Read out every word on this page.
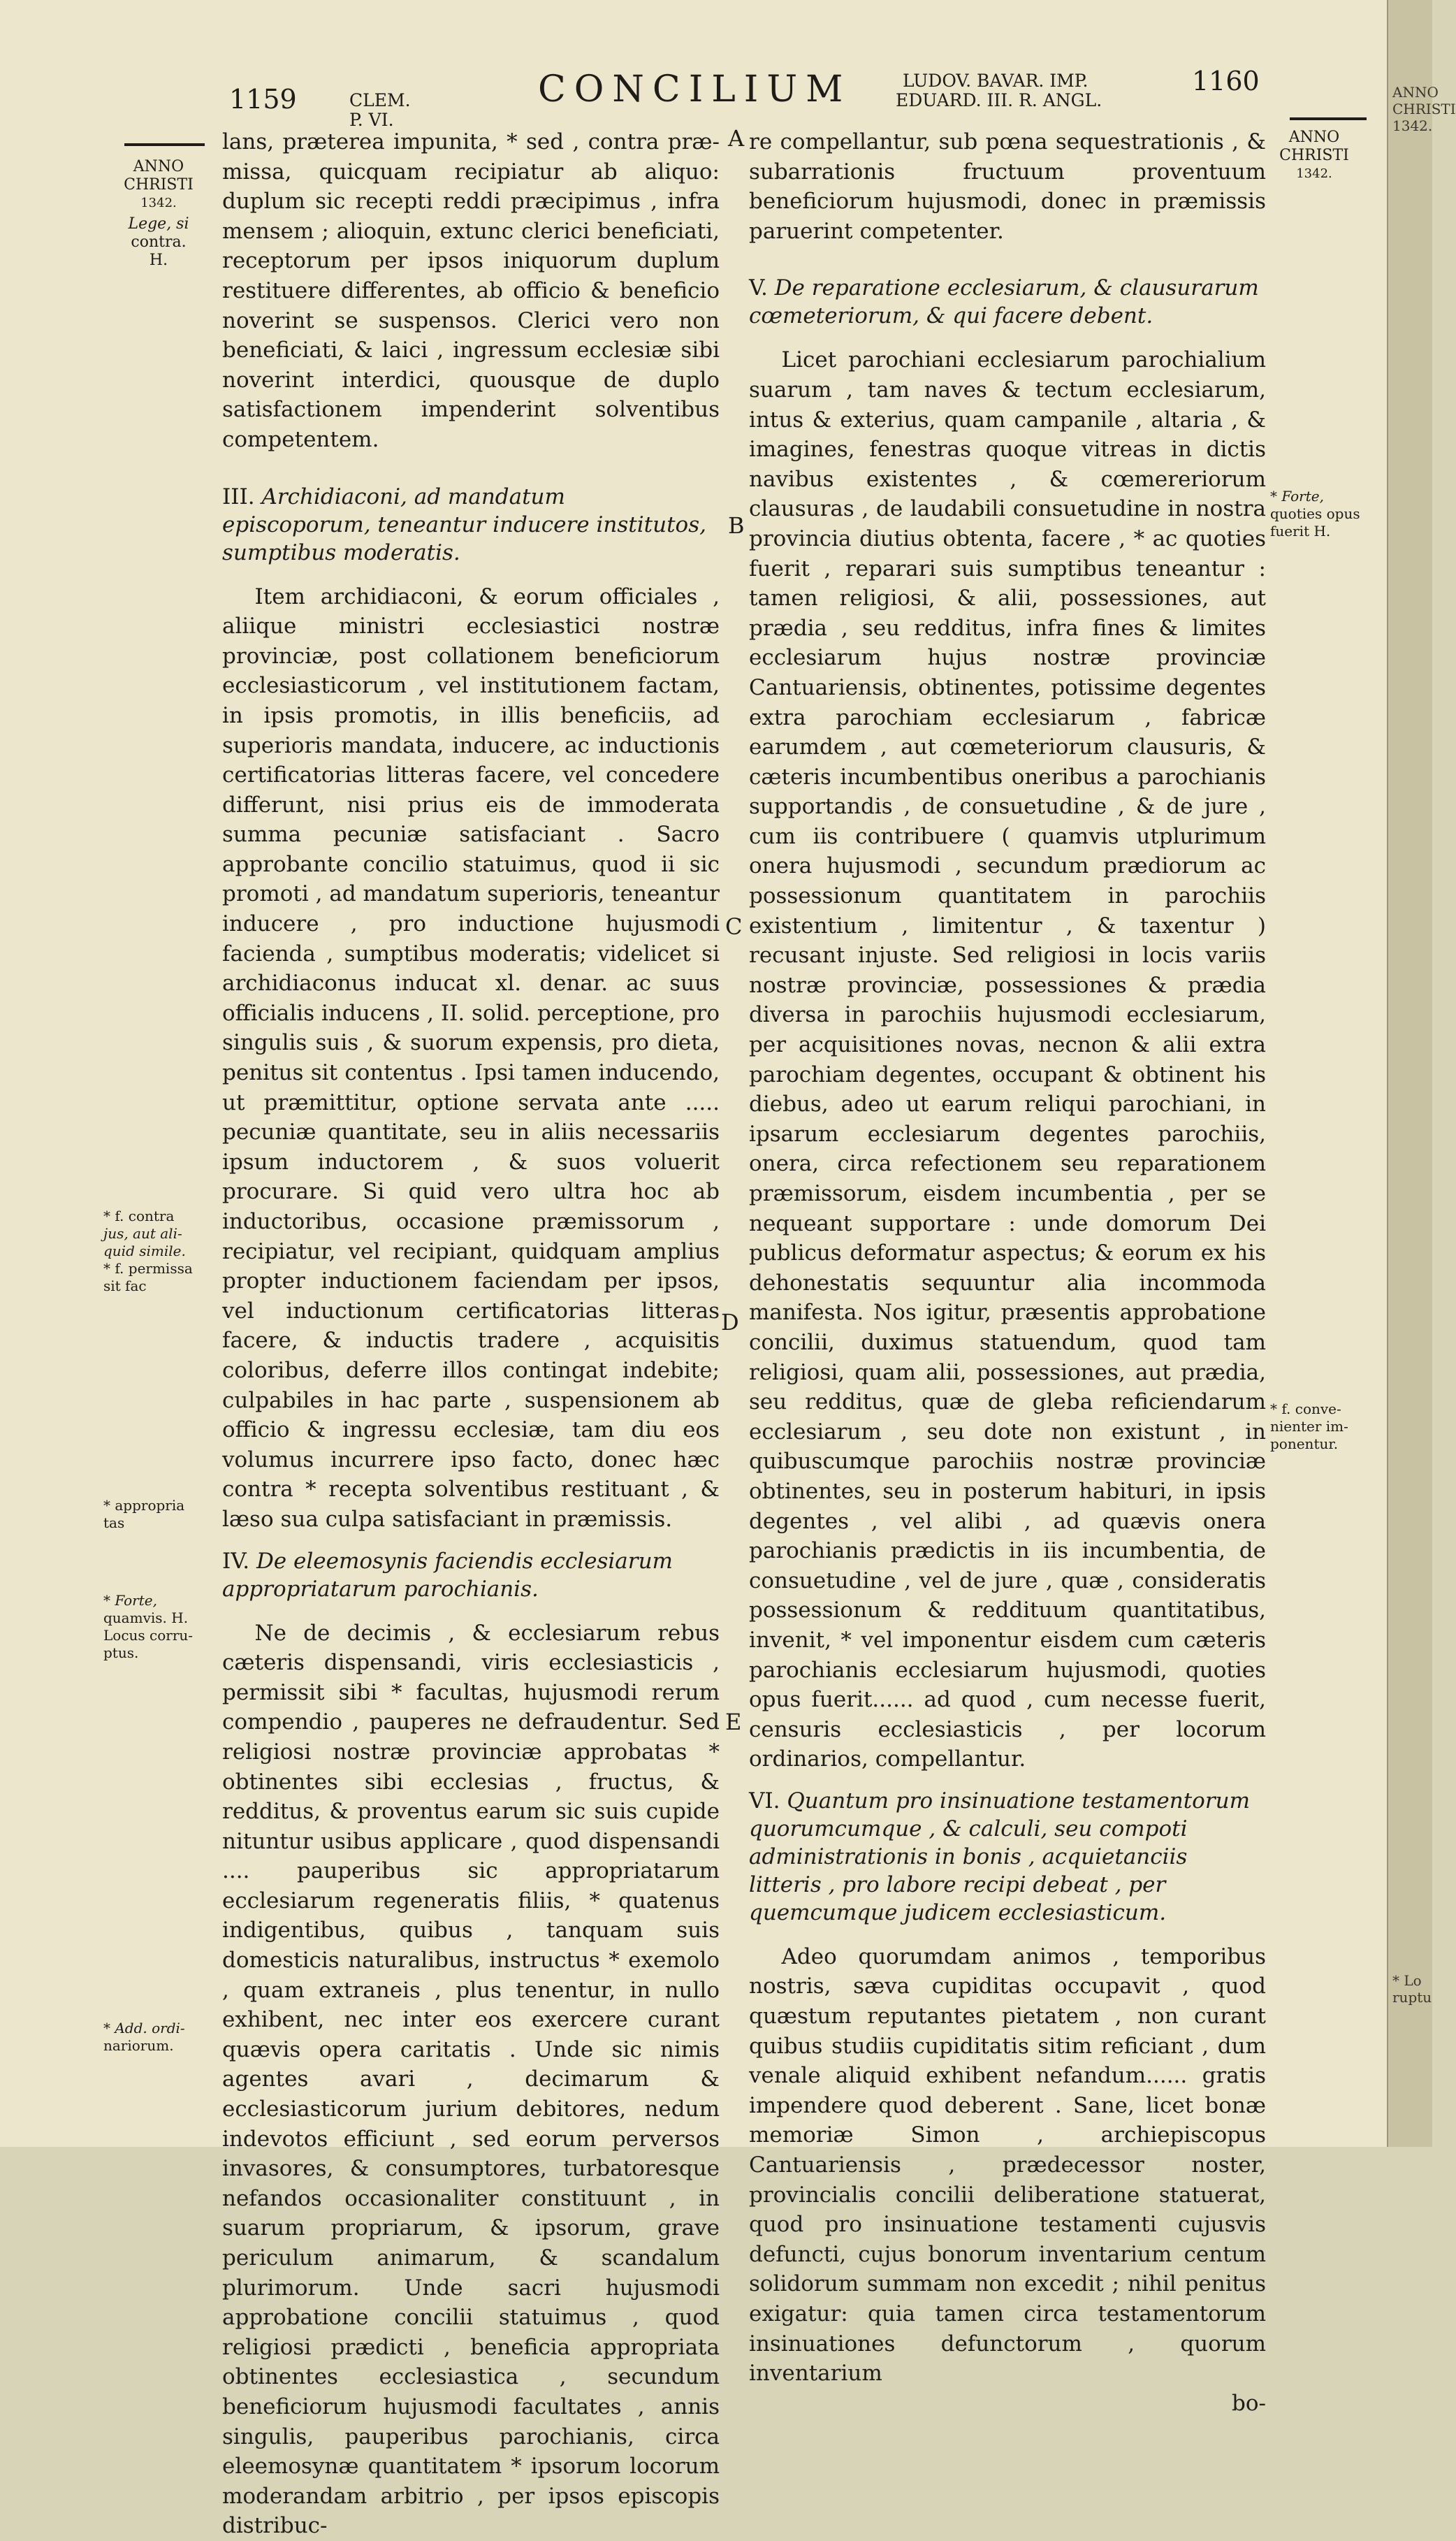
1159	CLEM.
P. VI.
CONCILIUM	LUDOV. BAVAR. IMP.
EDUARD. III. R. ANGL.
1160
ANNO
CHRISTI
1342.
Lege, si
contra. H.
ANNO
CHRISTI
1342.
* f. contra
jus, aut ali-
quid simile.
* f. permissa
sit fac
* appropria
tas
* Forte,
quamvis. H.
Locus corru-
ptus.
* Add. ordi-
nariorum.
* Forte,
quoties opus
fuerit H.
* f. conve-
nienter im-
ponentur.
A
B
C
D
E

lans, præterea impunita, * sed , contra præ- missa, quicquam recipiatur ab aliquo: duplum sic recepti reddi præcipimus , infra mensem ; alioquin, extunc clerici beneficiati, receptorum per ipsos iniquorum duplum restituere differentes, ab officio & beneficio noverint se suspensos. Clerici vero non beneficiati, & laici , ingressum ecclesiæ sibi noverint interdici, quousque de duplo satisfactionem impenderint solventibus competentem.

III. Archidiaconi, ad mandatum episcoporum, teneantur inducere institutos, sumptibus moderatis.

Item archidiaconi, & eorum officiales , aliique ministri ecclesiastici nostræ provinciæ, post collationem beneficiorum ecclesiasticorum , vel institutionem factam, in ipsis promotis, in illis beneficiis, ad superioris mandata, inducere, ac inductionis certificatorias litteras facere, vel concedere differunt, nisi prius eis de immoderata summa pecuniæ satisfaciant . Sacro approbante concilio statuimus, quod ii sic promoti , ad mandatum superioris, teneantur inducere , pro inductione hujusmodi facienda , sumptibus moderatis; videlicet si archidiaconus inducat xl. denar. ac suus officialis inducens , II. solid. perceptione, pro singulis suis , & suorum expensis, pro dieta, penitus sit contentus . Ipsi tamen inducendo, ut præmittitur, optione servata ante ..... pecuniæ quantitate, seu in aliis necessariis ipsum inductorem , & suos voluerit procurare. Si quid vero ultra hoc ab inductoribus, occasione præmissorum , recipiatur, vel recipiant, quidquam amplius propter inductionem faciendam per ipsos, vel inductionum certificatorias litteras facere, & inductis tradere , acquisitis coloribus, deferre illos contingat indebite; culpabiles in hac parte , suspensionem ab officio & ingressu ecclesiæ, tam diu eos volumus incurrere ipso facto, donec hæc contra * recepta solventibus restituant , & læso sua culpa satisfaciant in præmissis.

IV. De eleemosynis faciendis ecclesiarum appropriatarum parochianis.

Ne de decimis , & ecclesiarum rebus cæteris dispensandi, viris ecclesiasticis , permissit sibi * facultas, hujusmodi rerum compendio , pauperes ne defraudentur. Sed religiosi nostræ provinciæ approbatas * obtinentes sibi ecclesias , fructus, & redditus, & proventus earum sic suis cupide nituntur usibus applicare , quod dispensandi .... pauperibus sic appropriatarum ecclesiarum regeneratis filiis, * quatenus indigentibus, quibus , tanquam suis domesticis naturalibus, instructus * exemolo , quam extraneis , plus tenentur, in nullo exhibent, nec inter eos exercere curant quævis opera caritatis . Unde sic nimis agentes avari , decimarum & ecclesiasticorum jurium debitores, nedum indevotos efficiunt , sed eorum perversos invasores, & consumptores, turbatoresque nefandos occasionaliter constituunt , in suarum propriarum, & ipsorum, grave periculum animarum, & scandalum plurimorum. Unde sacri hujusmodi approbatione concilii statuimus , quod religiosi prædicti , beneficia appropriata obtinentes ecclesiastica , secundum beneficiorum hujusmodi facultates , annis singulis, pauperibus parochianis, circa eleemosynæ quantitatem * ipsorum locorum moderandam arbitrio , per ipsos episcopis distribuc-

re compellantur, sub pœna sequestrationis , & subarrationis fructuum proventuum beneficiorum hujusmodi, donec in præmissis paruerint competenter.

V. De reparatione ecclesiarum, & clausurarum cœmeteriorum, & qui facere debent.

Licet parochiani ecclesiarum parochialium suarum , tam naves & tectum ecclesiarum, intus & exterius, quam campanile , altaria , & imagines, fenestras quoque vitreas in dictis navibus existentes , & cœmereriorum clausuras , de laudabili consuetudine in nostra provincia diutius obtenta, facere , * ac quoties fuerit , reparari suis sumptibus teneantur : tamen religiosi, & alii, possessiones, aut prædia , seu redditus, infra fines & limites ecclesiarum hujus nostræ provinciæ Cantuariensis, obtinentes, potissime degentes extra parochiam ecclesiarum , fabricæ earumdem , aut cœmeteriorum clausuris, & cæteris incumbentibus oneribus a parochianis supportandis , de consuetudine , & de jure , cum iis contribuere ( quamvis utplurimum onera hujusmodi , secundum prædiorum ac possessionum quantitatem in parochiis existentium , limitentur , & taxentur ) recusant injuste. Sed religiosi in locis variis nostræ provinciæ, possessiones & prædia diversa in parochiis hujusmodi ecclesiarum, per acquisitiones novas, necnon & alii extra parochiam degentes, occupant & obtinent his diebus, adeo ut earum reliqui parochiani, in ipsarum ecclesiarum degentes parochiis, onera, circa refectionem seu reparationem præmissorum, eisdem incumbentia , per se nequeant supportare : unde domorum Dei publicus deformatur aspectus; & eorum ex his dehonestatis sequuntur alia incommoda manifesta. Nos igitur, præsentis approbatione concilii, duximus statuendum, quod tam religiosi, quam alii, possessiones, aut prædia, seu redditus, quæ de gleba reficiendarum ecclesiarum , seu dote non existunt , in quibuscumque parochiis nostræ provinciæ obtinentes, seu in posterum habituri, in ipsis degentes , vel alibi , ad quævis onera parochianis prædictis in iis incumbentia, de consuetudine , vel de jure , quæ , consideratis possessionum & reddituum quantitatibus, invenit, * vel imponentur eisdem cum cæteris parochianis ecclesiarum hujusmodi, quoties opus fuerit...... ad quod , cum necesse fuerit, censuris ecclesiasticis , per locorum ordinarios, compellantur.

VI. Quantum pro insinuatione testamentorum quorumcumque , & calculi, seu compoti administrationis in bonis , acquietanciis litteris , pro labore recipi debeat , per quemcumque judicem ecclesiasticum.

Adeo quorumdam animos , temporibus nostris, sæva cupiditas occupavit , quod quæstum reputantes pietatem , non curant quibus studiis cupiditatis sitim reficiant , dum venale aliquid exhibent nefandum...... gratis impendere quod deberent . Sane, licet bonæ memoriæ Simon , archiepiscopus Cantuariensis , prædecessor noster, provincialis concilii deliberatione statuerat, quod pro insinuatione testamenti cujusvis defuncti, cujus bonorum inventarium centum solidorum summam non excedit ; nihil penitus exigatur: quia tamen circa testamentorum insinuationes defunctorum , quorum inventarium

bo-
ANNO
CHRISTI
1342.
* Lo
ruptu
